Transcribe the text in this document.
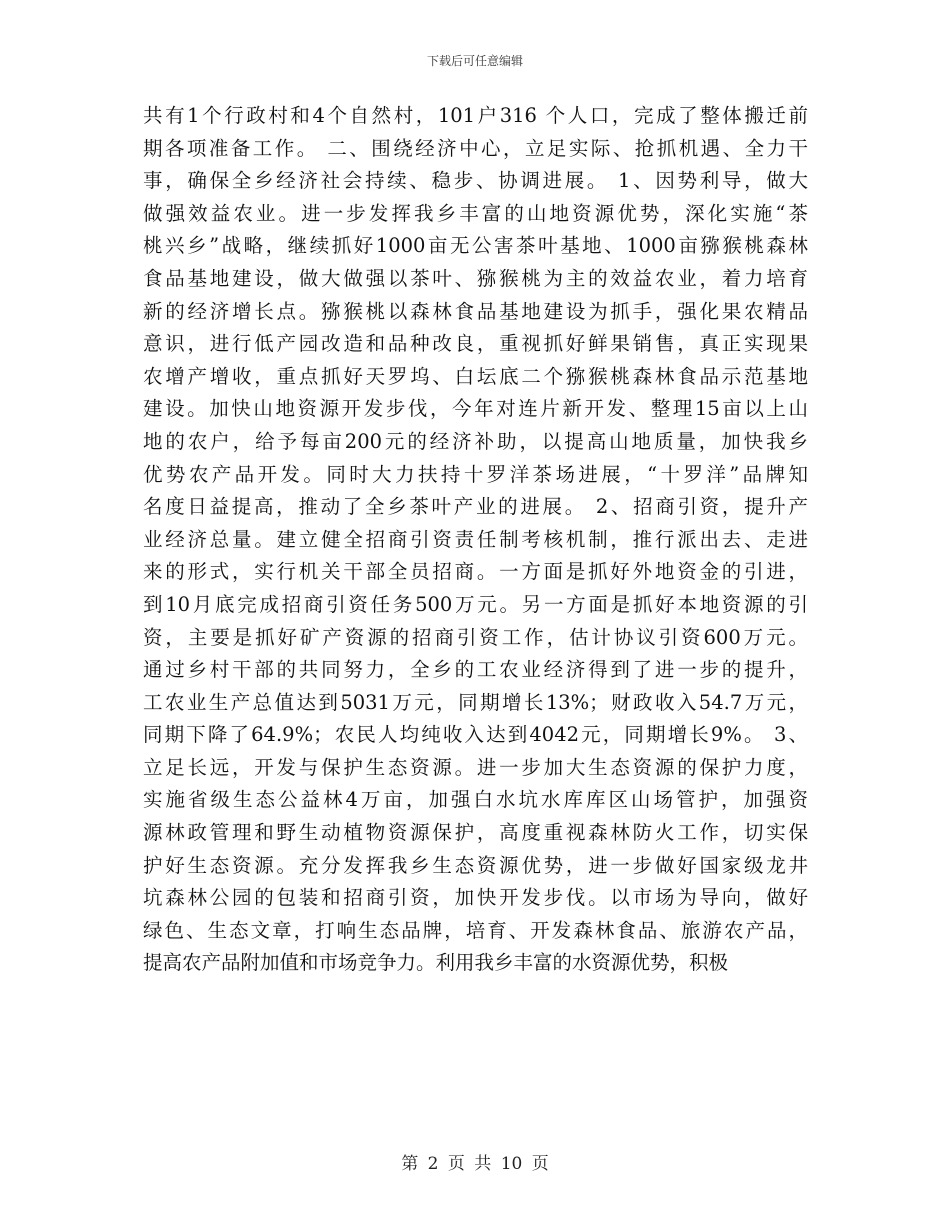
下载后可任意编辑
共有1个行政村和4个自然村，101户316 个人口，完成了整体搬迁前
期各项准备工作。 二、围绕经济中心，立足实际、抢抓机遇、全力干
事，确保全乡经济社会持续、稳步、协调进展。 1、因势利导，做大
做强效益农业。进一步发挥我乡丰富的山地资源优势，深化实施“茶
桃兴乡”战略，继续抓好1000亩无公害茶叶基地、1000亩猕猴桃森林
食品基地建设，做大做强以茶叶、猕猴桃为主的效益农业，着力培育
新的经济增长点。猕猴桃以森林食品基地建设为抓手，强化果农精品
意识，进行低产园改造和品种改良，重视抓好鲜果销售，真正实现果
农增产增收，重点抓好天罗坞、白坛底二个猕猴桃森林食品示范基地
建设。加快山地资源开发步伐，今年对连片新开发、整理15亩以上山
地的农户，给予每亩200元的经济补助，以提高山地质量，加快我乡
优势农产品开发。同时大力扶持十罗洋茶场进展，“十罗洋”品牌知
名度日益提高，推动了全乡茶叶产业的进展。 2、招商引资，提升产
业经济总量。建立健全招商引资责任制考核机制，推行派出去、走进
来的形式，实行机关干部全员招商。一方面是抓好外地资金的引进，
到10月底完成招商引资任务500万元。另一方面是抓好本地资源的引
资，主要是抓好矿产资源的招商引资工作，估计协议引资600万元。
通过乡村干部的共同努力，全乡的工农业经济得到了进一步的提升，
工农业生产总值达到5031万元，同期增长13%；财政收入54.7万元，
同期下降了64.9%；农民人均纯收入达到4042元，同期增长9%。 3、
立足长远，开发与保护生态资源。进一步加大生态资源的保护力度，
实施省级生态公益林4万亩，加强白水坑水库库区山场管护，加强资
源林政管理和野生动植物资源保护，高度重视森林防火工作，切实保
护好生态资源。充分发挥我乡生态资源优势，进一步做好国家级龙井
坑森林公园的包装和招商引资，加快开发步伐。以市场为导向，做好
绿色、生态文章，打响生态品牌，培育、开发森林食品、旅游农产品，
提高农产品附加值和市场竞争力。利用我乡丰富的水资源优势，积极
第 2 页 共 10 页
